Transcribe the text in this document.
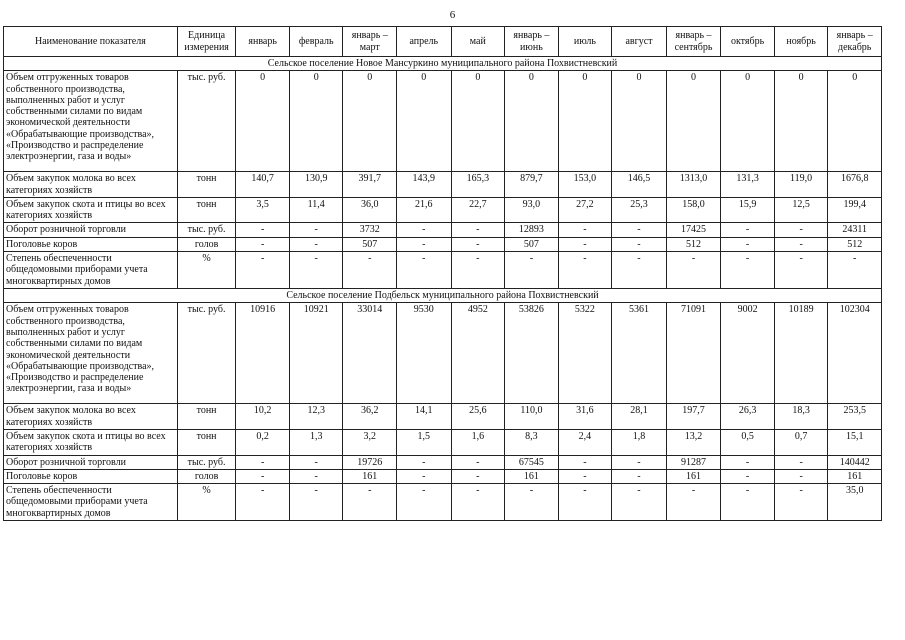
6
Наименование показателя	Единица измерения	январь	февраль	январь – март	апрель	май	январь – июнь	июль	август	январь – сентябрь	октябрь	ноябрь	январь – декабрь
Сельское поселение Новое Мансуркино муниципального района Похвистневский													
Объем отгруженных товаров собственного производства, выполненных работ и услуг собственными силами по видам экономической деятельности «Обрабатывающие производства», «Производство и распределение электроэнергии, газа и воды»	тыс. руб.	0	0	0	0	0	0	0	0	0	0	0	0
Объем закупок молока во всех категориях хозяйств	тонн	140,7	130,9	391,7	143,9	165,3	879,7	153,0	146,5	1313,0	131,3	119,0	1676,8
Объем закупок скота и птицы во всех категориях хозяйств	тонн	3,5	11,4	36,0	21,6	22,7	93,0	27,2	25,3	158,0	15,9	12,5	199,4
Оборот розничной торговли	тыс. руб.	-	-	3732	-	-	12893	-	-	17425	-	-	24311
Поголовье коров	голов	-	-	507	-	-	507	-	-	512	-	-	512
Степень обеспеченности общедомовыми приборами учета многоквартирных домов	%	-	-	-	-	-	-	-	-	-	-	-	-
Сельское поселение Подбельск муниципального района Похвистневский													
Объем отгруженных товаров собственного производства, выполненных работ и услуг собственными силами по видам экономической деятельности «Обрабатывающие производства», «Производство и распределение электроэнергии, газа и воды»	тыс. руб.	10916	10921	33014	9530	4952	53826	5322	5361	71091	9002	10189	102304
Объем закупок молока во всех категориях хозяйств	тонн	10,2	12,3	36,2	14,1	25,6	110,0	31,6	28,1	197,7	26,3	18,3	253,5
Объем закупок скота и птицы во всех категориях хозяйств	тонн	0,2	1,3	3,2	1,5	1,6	8,3	2,4	1,8	13,2	0,5	0,7	15,1
Оборот розничной торговли	тыс. руб.	-	-	19726	-	-	67545	-	-	91287	-	-	140442
Поголовье коров	голов	-	-	161	-	-	161	-	-	161	-	-	161
Степень обеспеченности общедомовыми приборами учета многоквартирных домов	%	-	-	-	-	-	-	-	-	-	-	-	35,0
